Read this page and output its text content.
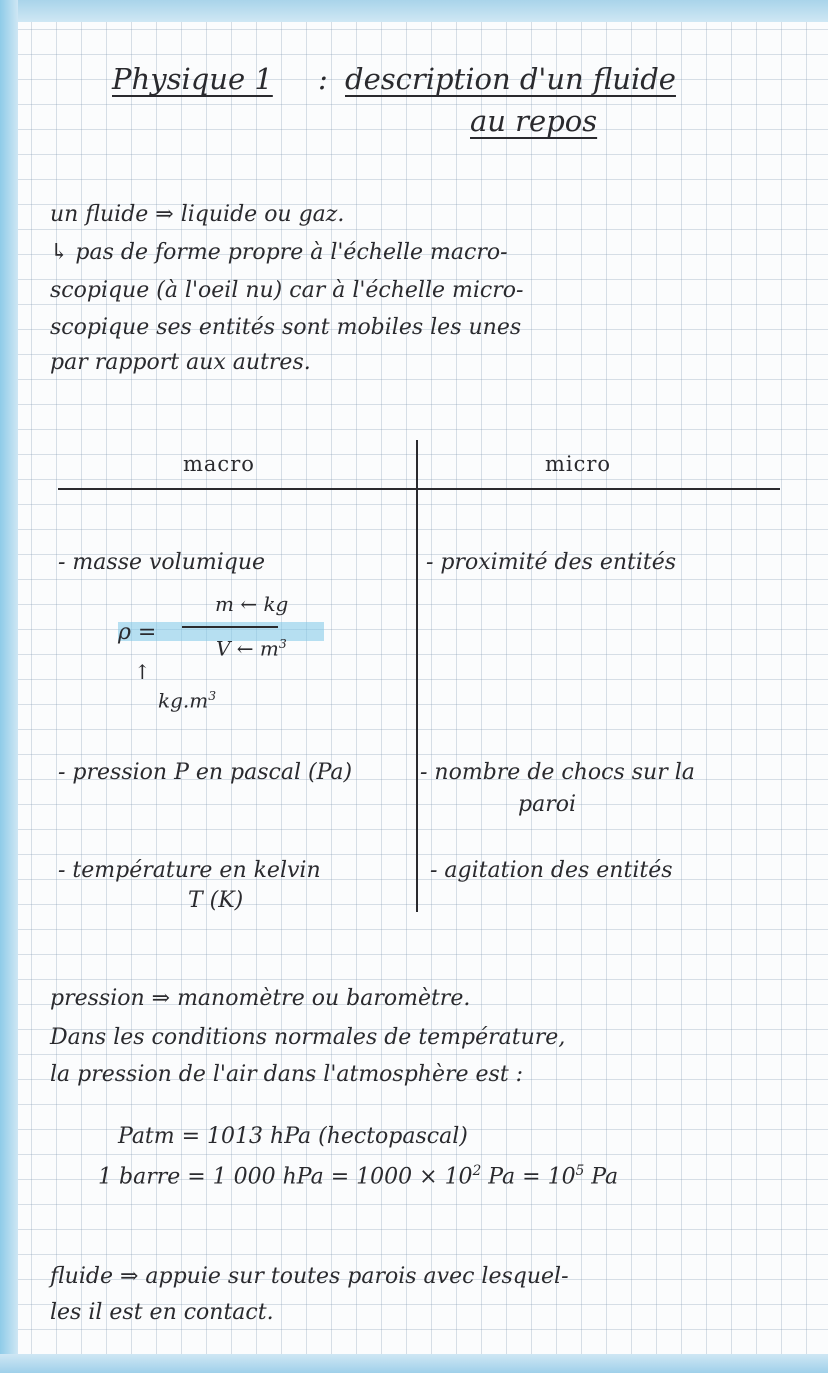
Physique 1 : description d'un fluide
au repos
un fluide ⇒ liquide ou gaz.
↳ pas de forme propre à l'échelle macro-
scopique (à l'oeil nu) car à l'échelle micro-
scopique ses entités sont mobiles les unes
par rapport aux autres.
macro	micro
- masse volumique
m ← kg
ρ =
V ← $m^3$
↑
$kg.m^3$
- proximité des entités
- pression P en pascal (Pa)	- nombre de chocs sur la
paroi
- température en kelvin
T (K)
- agitation des entités
pression ⇒ manomètre ou baromètre.
Dans les conditions normales de température,
la pression de l'air dans l'atmosphère est :
Patm = 1013 hPa (hectopascal)
1 barre = 1 000 hPa = $1000 \times 10^2$ $Pa = 10^5$ Pa
fluide ⇒ appuie sur toutes parois avec lesquel-
les il est en contact.
